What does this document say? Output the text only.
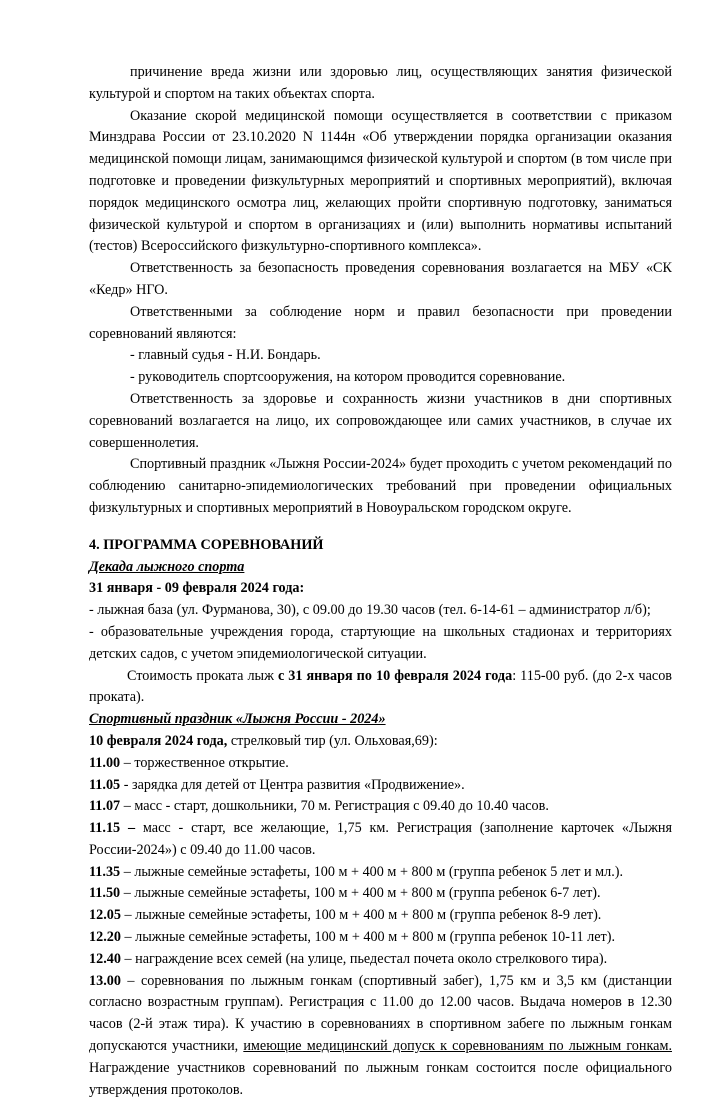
причинение вреда жизни или здоровью лиц, осуществляющих занятия физической культурой и спортом на таких объектах спорта.

Оказание скорой медицинской помощи осуществляется в соответствии с приказом Минздрава России от 23.10.2020 N 1144н «Об утверждении порядка организации оказания медицинской помощи лицам, занимающимся физической культурой и спортом (в том числе при подготовке и проведении физкультурных мероприятий и спортивных мероприятий), включая порядок медицинского осмотра лиц, желающих пройти спортивную подготовку, заниматься физической культурой и спортом в организациях и (или) выполнить нормативы испытаний (тестов) Всероссийского физкультурно-спортивного комплекса».

Ответственность за безопасность проведения соревнования возлагается на МБУ «СК «Кедр» НГО.

Ответственными за соблюдение норм и правил безопасности при проведении соревнований являются:

- главный судья - Н.И. Бондарь.

- руководитель спортсооружения, на котором проводится соревнование.

Ответственность за здоровье и сохранность жизни участников в дни спортивных соревнований возлагается на лицо, их сопровождающее или самих участников, в случае их совершеннолетия.

Спортивный праздник «Лыжня России-2024» будет проходить с учетом рекомендаций по соблюдению санитарно-эпидемиологических требований при проведении официальных физкультурных и спортивных мероприятий в Новоуральском городском округе.

4. ПРОГРАММА СОРЕВНОВАНИЙ

Декада лыжного спорта

31 января - 09 февраля 2024 года:

- лыжная база (ул. Фурманова, 30), с 09.00 до 19.30 часов (тел. 6-14-61 – администратор л/б);

- образовательные учреждения города, стартующие на школьных стадионах и территориях детских садов, с учетом эпидемиологической ситуации.

Стоимость проката лыж с 31 января по 10 февраля 2024 года: 115-00 руб. (до 2-х часов проката).

Спортивный праздник «Лыжня России - 2024»

10 февраля 2024 года, стрелковый тир (ул. Ольховая,69):

11.00 – торжественное открытие.

11.05 - зарядка для детей от Центра развития «Продвижение».

11.07 – масс - старт, дошкольники, 70 м. Регистрация с 09.40 до 10.40 часов.

11.15 – масс - старт, все желающие, 1,75 км. Регистрация (заполнение карточек «Лыжня России-2024») с 09.40 до 11.00 часов.

11.35 – лыжные семейные эстафеты, 100 м + 400 м + 800 м (группа ребенок 5 лет и мл.).

11.50 – лыжные семейные эстафеты, 100 м + 400 м + 800 м (группа ребенок 6-7 лет).

12.05 – лыжные семейные эстафеты, 100 м + 400 м + 800 м (группа ребенок 8-9 лет).

12.20 – лыжные семейные эстафеты, 100 м + 400 м + 800 м (группа ребенок 10-11 лет).

12.40 – награждение всех семей (на улице, пьедестал почета около стрелкового тира).

13.00 – соревнования по лыжным гонкам (спортивный забег), 1,75 км и 3,5 км (дистанции согласно возрастным группам). Регистрация с 11.00 до 12.00 часов. Выдача номеров в 12.30 часов (2-й этаж тира). К участию в соревнованиях в спортивном забеге по лыжным гонкам допускаются участники, имеющие медицинский допуск к соревнованиям по лыжным гонкам. Награждение участников соревнований по лыжным гонкам состоится после официального утверждения протоколов.
